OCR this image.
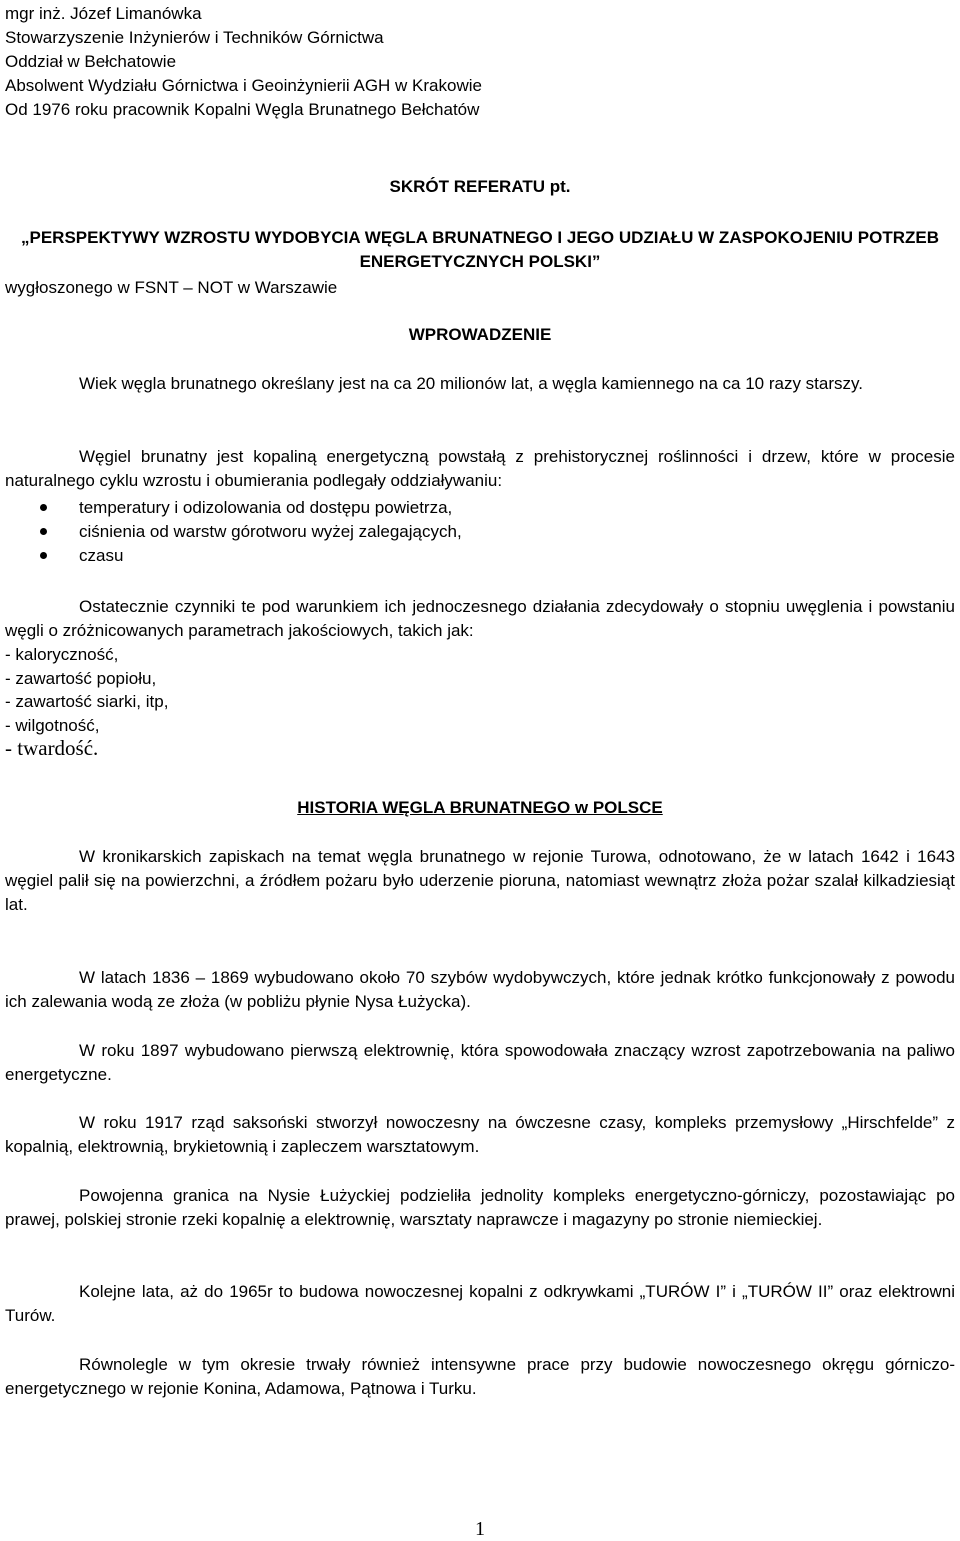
mgr inż. Józef Limanówka
Stowarzyszenie Inżynierów i Techników Górnictwa
Oddział w Bełchatowie
Absolwent Wydziału Górnictwa i Geoinżynierii AGH w Krakowie
Od 1976 roku pracownik Kopalni Węgla Brunatnego Bełchatów
SKRÓT REFERATU pt.
„PERSPEKTYWY WZROSTU WYDOBYCIA WĘGLA BRUNATNEGO I JEGO UDZIAŁU W ZASPOKOJENIU POTRZEB ENERGETYCZNYCH POLSKI”
wygłoszonego w FSNT – NOT w Warszawie
WPROWADZENIE
Wiek węgla brunatnego określany jest na ca 20 milionów lat, a węgla kamiennego na ca 10 razy starszy.
Węgiel brunatny jest kopaliną energetyczną powstałą z prehistorycznej roślinności i drzew, które w procesie naturalnego cyklu wzrostu i obumierania podlegały oddziaływaniu:
temperatury i odizolowania od dostępu powietrza,
ciśnienia od warstw górotworu wyżej zalegających,
czasu
Ostatecznie czynniki te pod warunkiem ich jednoczesnego działania zdecydowały o stopniu uwęglenia i powstaniu węgli o zróżnicowanych parametrach jakościowych, takich jak:
- kaloryczność,
- zawartość popiołu,
- zawartość siarki, itp,
- wilgotność,
- twardość.
HISTORIA WĘGLA BRUNATNEGO w POLSCE
W kronikarskich zapiskach na temat węgla brunatnego w rejonie Turowa, odnotowano, że w latach 1642 i 1643 węgiel palił się na powierzchni, a źródłem pożaru było uderzenie pioruna, natomiast wewnątrz złoża pożar szalał kilkadziesiąt lat.
W latach 1836 – 1869 wybudowano około 70 szybów wydobywczych, które jednak krótko funkcjonowały z powodu ich zalewania wodą ze złoża (w pobliżu płynie Nysa Łużycka).
W roku 1897 wybudowano pierwszą elektrownię, która spowodowała znaczący wzrost zapotrzebowania na paliwo energetyczne.
W roku 1917 rząd saksoński stworzył nowoczesny na ówczesne czasy, kompleks przemysłowy „Hirschfelde” z kopalnią, elektrownią, brykietownią i zapleczem warsztatowym.
Powojenna granica na Nysie Łużyckiej podzieliła jednolity kompleks energetyczno-górniczy, pozostawiając po prawej, polskiej stronie rzeki kopalnię a elektrownię, warsztaty naprawcze i magazyny po stronie niemieckiej.
Kolejne lata, aż do 1965r to budowa nowoczesnej kopalni z odkrywkami „TURÓW I” i „TURÓW II” oraz elektrowni Turów.
Równolegle w tym okresie trwały również intensywne prace przy budowie nowoczesnego okręgu górniczo-energetycznego w rejonie Konina, Adamowa, Pątnowa i Turku.
1
